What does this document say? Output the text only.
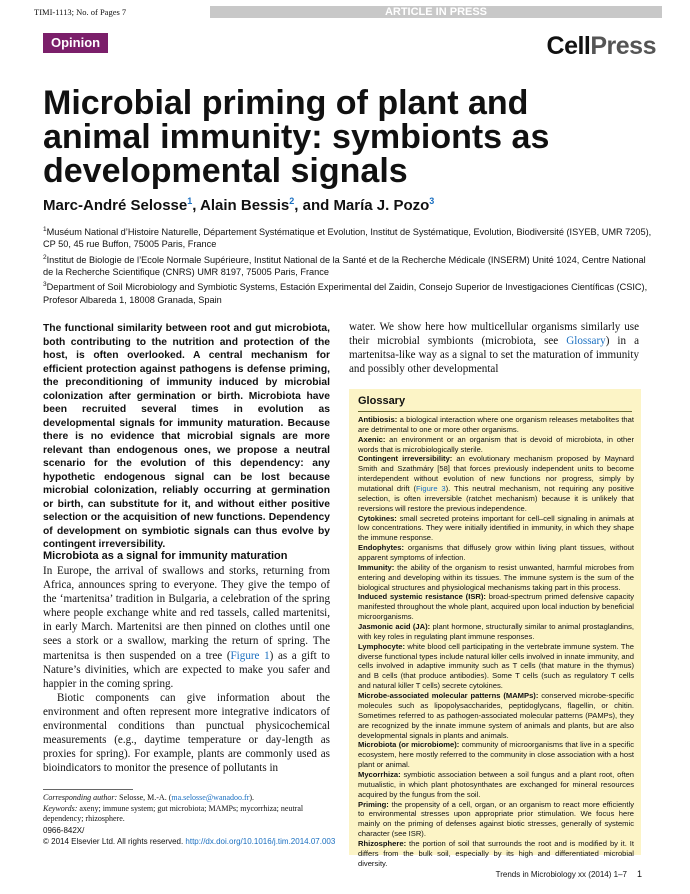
TIMI-1113; No. of Pages 7	ARTICLE IN PRESS
Opinion	CellPress
Microbial priming of plant and animal immunity: symbionts as developmental signals
Marc-André Selosse$^1$, Alain Bessis$^2$, and María J. Pozo$^3$

$^1$Muséum National d’Histoire Naturelle, Département Systématique et Evolution, Institut de Systématique, Evolution, Biodiversité (ISYEB, UMR 7205), CP 50, 45 rue Buffon, 75005 Paris, France

$^2$Institut de Biologie de l’Ecole Normale Supérieure, Institut National de la Santé et de la Recherche Médicale (INSERM) Unité 1024, Centre National de la Recherche Scientifique (CNRS) UMR 8197, 75005 Paris, France

$^3$Department of Soil Microbiology and Symbiotic Systems, Estación Experimental del Zaidin, Consejo Superior de Investigaciones Científicas (CSIC), Profesor Albareda 1, 18008 Granada, Spain

The functional similarity between root and gut microbiota, both contributing to the nutrition and protection of the host, is often overlooked. A central mechanism for efficient protection against pathogens is defense priming, the preconditioning of immunity induced by microbial colonization after germination or birth. Microbiota have been recruited several times in evolution as developmental signals for immunity maturation. Because there is no evidence that microbial signals are more relevant than endogenous ones, we propose a neutral scenario for the evolution of this dependency: any hypothetic endogenous signal can be lost because microbial colonization, reliably occurring at germination or birth, can substitute for it, and without either positive selection or the acquisition of new functions. Dependency of development on symbiotic signals can thus evolve by contingent irreversibility.
Microbiota as a signal for immunity maturation

In Europe, the arrival of swallows and storks, returning from Africa, announces spring to everyone. They give the tempo of the ‘martenitsa’ tradition in Bulgaria, a celebration of the spring where people exchange white and red tassels, called martenitsi, in early March. Martenitsi are then pinned on clothes until one sees a stork or a swallow, marking the return of spring. The martenitsa is then suspended on a tree (Figure 1) as a gift to Nature’s divinities, which are expected to make you safer and happier in the coming spring.

Biotic components can give information about the environment and often represent more integrative indicators of environmental conditions than punctual physicochemical measurements (e.g., daytime temperature or day-length as proxies for spring). For example, plants are commonly used as bioindicators to monitor the presence of pollutants in

Corresponding author: Selosse, M.-A. (ma.selosse@wanadoo.fr).

Keywords: axeny; immune system; gut microbiota; MAMPs; mycorrhiza; neutral dependency; rhizosphere.

0966-842X/
© 2014 Elsevier Ltd. All rights reserved. http://dx.doi.org/10.1016/j.tim.2014.07.003
water. We show here how multicellular organisms similarly use their microbial symbionts (microbiota, see Glossary) in a martenitsa-like way as a signal to set the maturation of immunity and possibly other developmental
Glossary

Antibiosis: a biological interaction where one organism releases metabolites that are detrimental to one or more other organisms.

Axenic: an environment or an organism that is devoid of microbiota, in other words that is microbiologically sterile.

Contingent irreversibility: an evolutionary mechanism proposed by Maynard Smith and Szathmáry [58] that forces previously independent units to become interdependent without evolution of new functions nor progress, simply by mutational drift (Figure 3). This neutral mechanism, not requiring any positive selection, is often irreversible (ratchet mechanism) because it is unlikely that reversions will restore the previous independence.

Cytokines: small secreted proteins important for cell–cell signaling in animals at low concentrations. They were initially identified in immunity, in which they shape the immune response.

Endophytes: organisms that diffusely grow within living plant tissues, without apparent symptoms of infection.

Immunity: the ability of the organism to resist unwanted, harmful microbes from entering and developing within its tissues. The immune system is the sum of the biological structures and physiological mechanisms taking part in this process.

Induced systemic resistance (ISR): broad-spectrum primed defensive capacity manifested throughout the whole plant, acquired upon local induction by beneficial microorganisms.

Jasmonic acid (JA): plant hormone, structurally similar to animal prostaglandins, with key roles in regulating plant immune responses.

Lymphocyte: white blood cell participating in the vertebrate immune system. The diverse functional types include natural killer cells involved in innate immunity, and cells involved in adaptive immunity such as T cells (that mature in the thymus) and B cells (that produce antibodies). Some T cells (such as regulatory T cells and natural killer T cells) secrete cytokines.

Microbe-associated molecular patterns (MAMPs): conserved microbe-specific molecules such as lipopolysaccharides, peptidoglycans, flagellin, or chitin. Sometimes referred to as pathogen-associated molecular patterns (PAMPs), they are recognized by the innate immune system of animals and plants, but are also developmental signals in plants and animals.

Microbiota (or microbiome): community of microorganisms that live in a specific ecosystem, here mostly referred to the community in close association with a host plant or animal.

Mycorrhiza: symbiotic association between a soil fungus and a plant root, often mutualistic, in which plant photosynthates are exchanged for mineral resources acquired by the fungus from the soil.

Priming: the propensity of a cell, organ, or an organism to react more efficiently to environmental stresses upon appropriate prior stimulation. We focus here mainly on the priming of defenses against biotic stresses, generally of systemic character (see ISR).

Rhizosphere: the portion of soil that surrounds the root and is modified by it. It differs from the bulk soil, especially by its high and differentiated microbial diversity.

Trends in Microbiology xx (2014) 1–7 1
